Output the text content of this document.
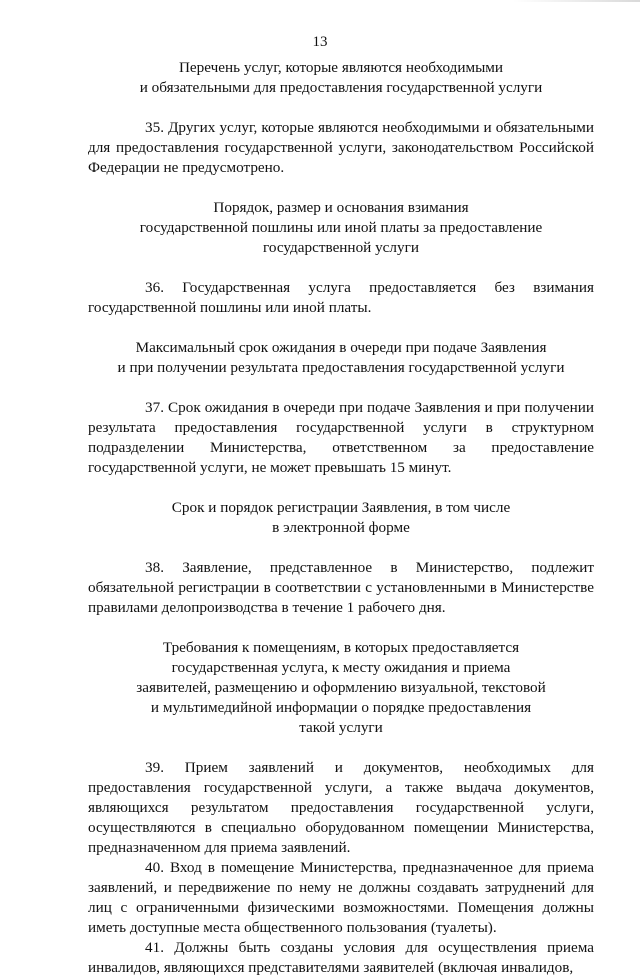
13

Перечень услуг, которые являются необходимыми
и обязательными для предоставления государственной услуги

35. Других услуг, которые являются необходимыми и обязательными для предоставления государственной услуги, законодательством Российской Федерации не предусмотрено.

Порядок, размер и основания взимания
государственной пошлины или иной платы за предоставление
государственной услуги

36. Государственная услуга предоставляется без взимания государственной пошлины или иной платы.

Максимальный срок ожидания в очереди при подаче Заявления
и при получении результата предоставления государственной услуги

37. Срок ожидания в очереди при подаче Заявления и при получении результата предоставления государственной услуги в структурном подразделении Министерства, ответственном за предоставление государственной услуги, не может превышать 15 минут.

Срок и порядок регистрации Заявления, в том числе
в электронной форме

38. Заявление, представленное в Министерство, подлежит обязательной регистрации в соответствии с установленными в Министерстве правилами делопроизводства в течение 1 рабочего дня.

Требования к помещениям, в которых предоставляется
государственная услуга, к месту ожидания и приема
заявителей, размещению и оформлению визуальной, текстовой
и мультимедийной информации о порядке предоставления
такой услуги

39. Прием заявлений и документов, необходимых для предоставления государственной услуги, а также выдача документов, являющихся результатом предоставления государственной услуги, осуществляются в специально оборудованном помещении Министерства, предназначенном для приема заявлений.

40. Вход в помещение Министерства, предназначенное для приема заявлений, и передвижение по нему не должны создавать затруднений для лиц с ограниченными физическими возможностями. Помещения должны иметь доступные места общественного пользования (туалеты).

41. Должны быть созданы условия для осуществления приема инвалидов, являющихся представителями заявителей (включая инвалидов,
